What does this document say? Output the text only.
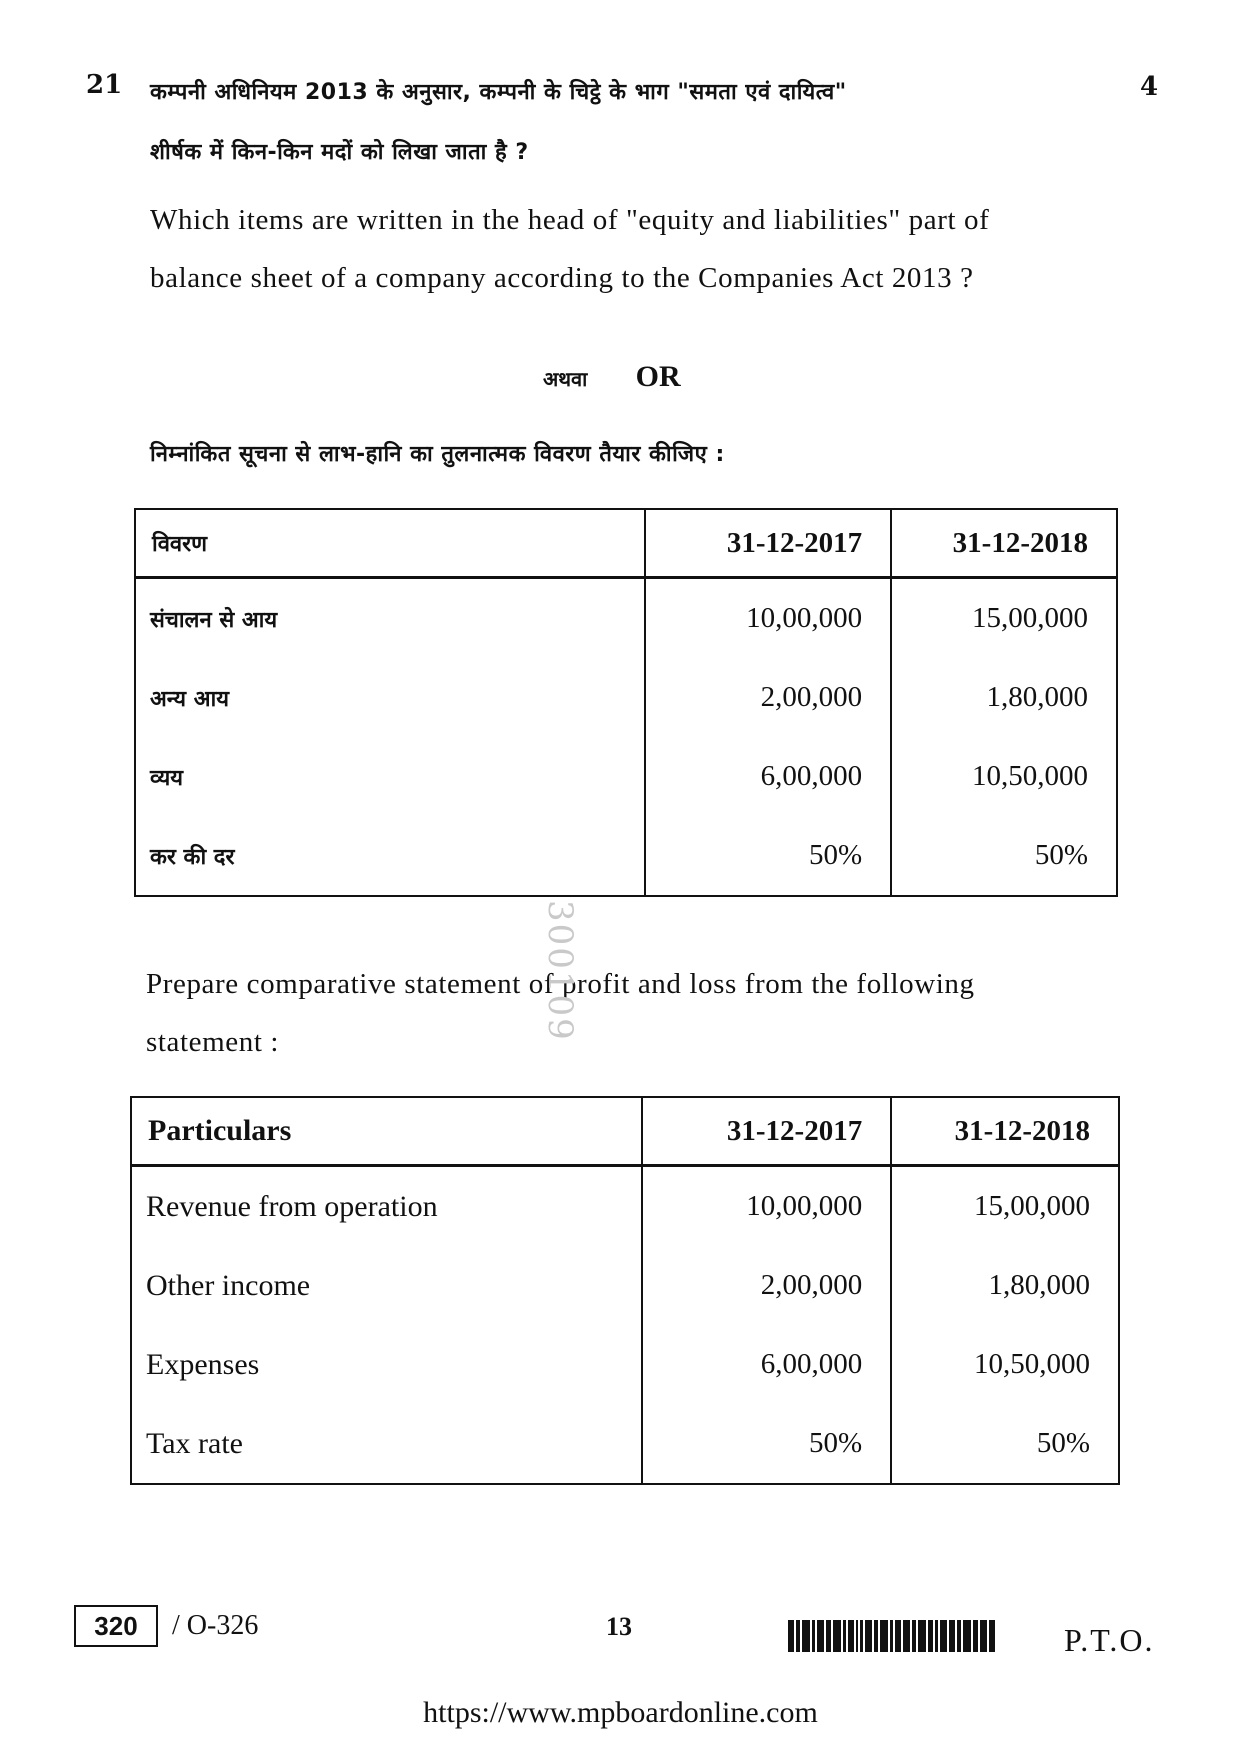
21	4
कम्पनी अधिनियम 2013 के अनुसार, कम्पनी के चिट्ठे के भाग "समता एवं दायित्व"
शीर्षक में किन-किन मदों को लिखा जाता है ?
Which items are written in the head of "equity and liabilities" part of
balance sheet of a company according to the Companies Act 2013 ?
अथवा OR
निम्नांकित सूचना से लाभ-हानि का तुलनात्मक विवरण तैयार कीजिए :
विवरण	31-12-2017	31-12-2018
संचालन से आय	10,00,000	15,00,000
अन्य आय	2,00,000	1,80,000
व्यय	6,00,000	10,50,000
कर की दर	50%	50%
Prepare comparative statement of profit and loss from the following
statement :
Particulars	31-12-2017	31-12-2018
Revenue from operation	10,00,000	15,00,000
Other income	2,00,000	1,80,000
Expenses	6,00,000	10,50,000
Tax rate	50%	50%
300109
320	/ O-326	13	P.T.O.
https://www.mpboardonline.com
